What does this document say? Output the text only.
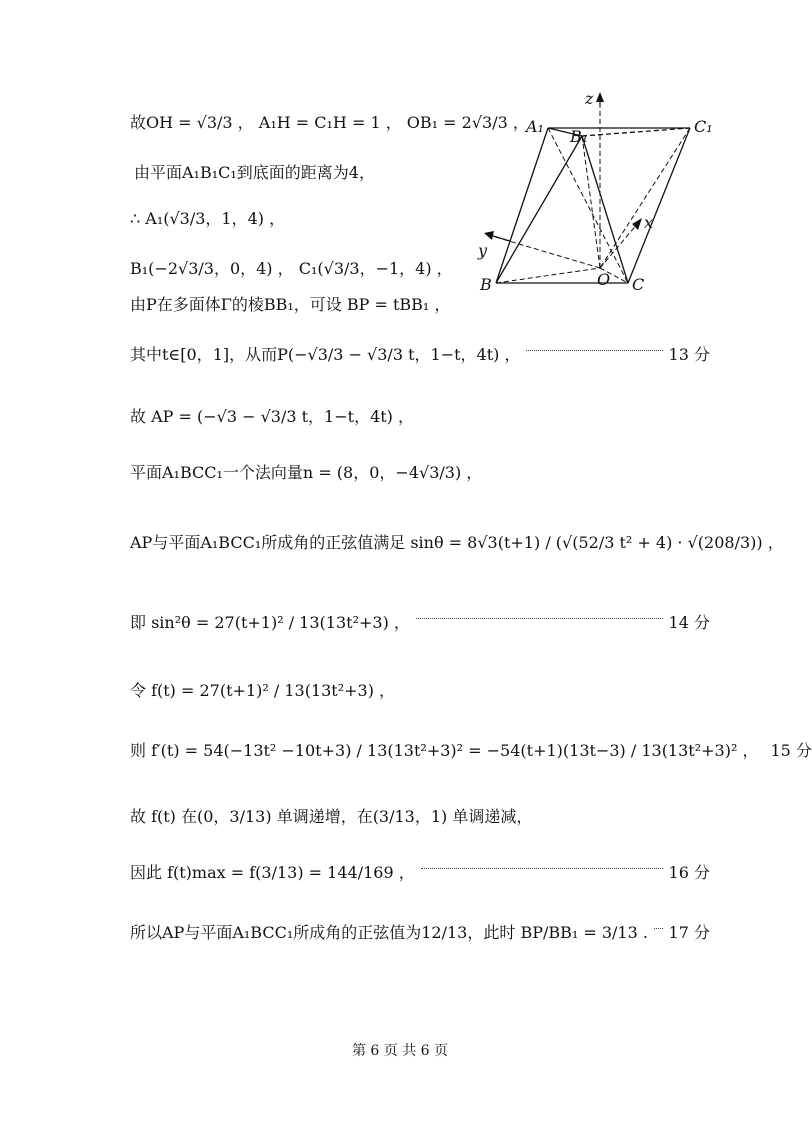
A₁
B₁
C₁
z
x
y
B	O C
故OH = √3/3 ， A₁H = C₁H = 1 ， OB₁ = 2√3/3 ，
由平面A₁B₁C₁到底面的距离为4，
∴ A₁(√3/3，1，4) ，
B₁(−2√3/3，0，4) ， C₁(√3/3，−1，4) ，
由P在多面体Γ的棱BB₁，可设 BP = tBB₁ ，
其中t∈[0，1]，从而P(−√3/3 − √3/3 t，1−t，4t) ，	13 分
故 AP = (−√3 − √3/3 t，1−t，4t) ，
平面A₁BCC₁一个法向量n = (8，0，−4√3/3) ，
AP与平面A₁BCC₁所成角的正弦值满足 sinθ = 8√3(t+1) / (√(52/3 t² + 4) · √(208/3)) ，
即 sin²θ = 27(t+1)² / 13(13t²+3) ，	14 分
令 f(t) = 27(t+1)² / 13(13t²+3) ，
则 f′(t) = 54(−13t² −10t+3) / 13(13t²+3)² = −54(t+1)(13t−3) / 13(13t²+3)² ， 15 分
故 f(t) 在(0，3/13) 单调递增，在(3/13，1) 单调递减，
因此 f(t)max = f(3/13) = 144/169 ，	16 分
所以AP与平面A₁BCC₁所成角的正弦值为12/13，此时 BP/BB₁ = 3/13 . 17 分
第 6 页 共 6 页
